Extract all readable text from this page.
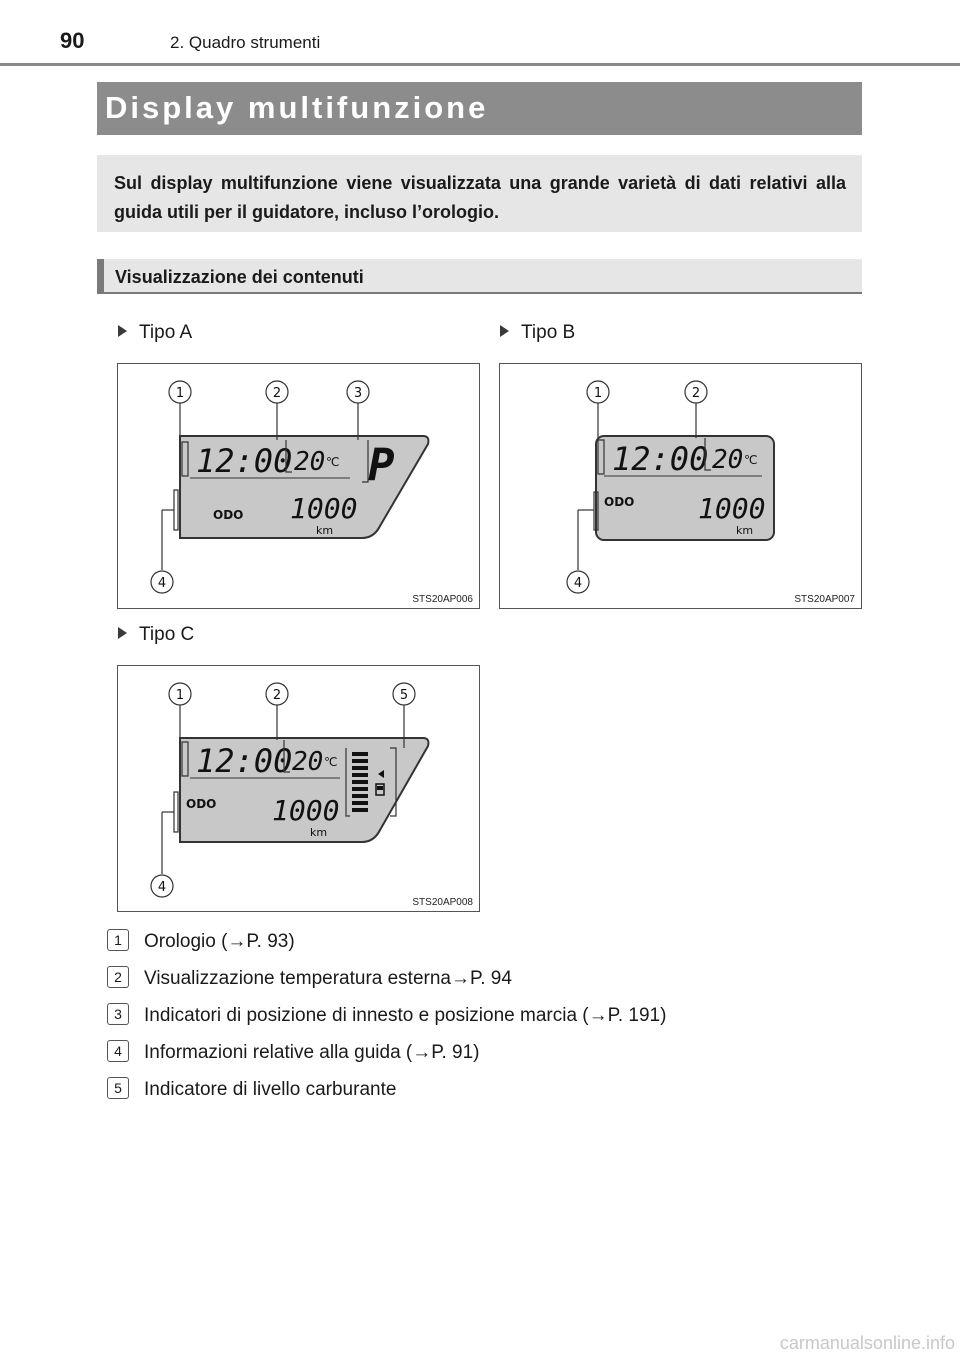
90	2. Quadro strumenti
Display multifunzione

Sul display multifunzione viene visualizzata una grande varietà di dati relativi alla guida utili per il guidatore, incluso l’orologio.

Visualizzazione dei contenuti
Tipo A
12:00 20 ℃ P
ODO 1000
km
1	2	3
4
STS20AP006
Tipo B
12:00 20 ℃
ODO 1000
km
1	2
4
STS20AP007
Tipo C
12:00 20 ℃
ODO 1000
km
1	2	5
4
STS20AP008
1	Orologio (→P. 93)
2	Visualizzazione temperatura esterna→P. 94
3	Indicatori di posizione di innesto e posizione marcia (→P. 191)
4	Informazioni relative alla guida (→P. 91)
5	Indicatore di livello carburante
carmanualsonline.info
